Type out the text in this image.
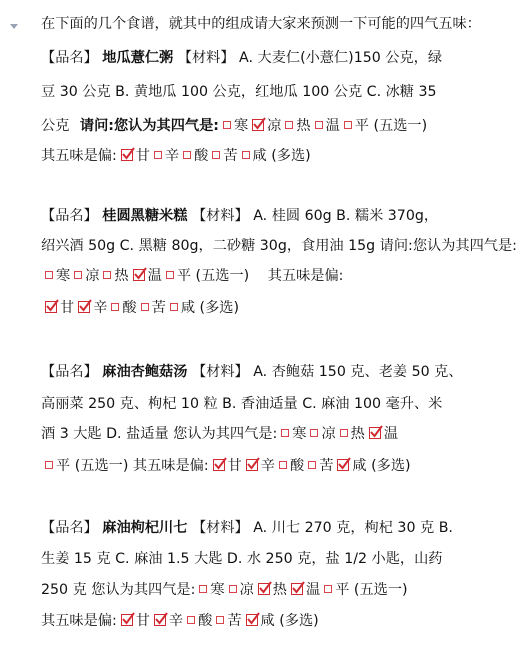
在下面的几个食谱，就其中的组成请大家来预测一下可能的四气五味：
【品名】 地瓜薏仁粥 【材料】 A. 大麦仁(小薏仁)150 公克，绿
豆 30 公克 B. 黄地瓜 100 公克，红地瓜 100 公克 C. 冰糖 35
公克 请问:您认为其四气是: 寒 凉 热 温 平 (五选一)
其五味是偏: 甘 辛 酸 苦 咸 (多选)
【品名】 桂圆黑糖米糕 【材料】 A. 桂圆 60g B. 糯米 370g，
绍兴酒 50g C. 黑糖 80g，二砂糖 30g，食用油 15g 请问:您认为其四气是:
寒 凉 热 温 平 (五选一) 其五味是偏:
甘 辛 酸 苦 咸 (多选)
【品名】 麻油杏鲍菇汤 【材料】 A. 杏鲍菇 150 克、老姜 50 克、
高丽菜 250 克、枸杞 10 粒 B. 香油适量 C. 麻油 100 毫升、米
酒 3 大匙 D. 盐适量 您认为其四气是: 寒 凉 热 温
平 (五选一) 其五味是偏: 甘 辛 酸 苦 咸 (多选)
【品名】 麻油枸杞川七 【材料】 A. 川七 270 克，枸杞 30 克 B.
生姜 15 克 C. 麻油 1.5 大匙 D. 水 250 克，盐 1/2 小匙，山药
250 克 您认为其四气是: 寒 凉 热 温 平 (五选一)
其五味是偏: 甘 辛 酸 苦 咸 (多选)
